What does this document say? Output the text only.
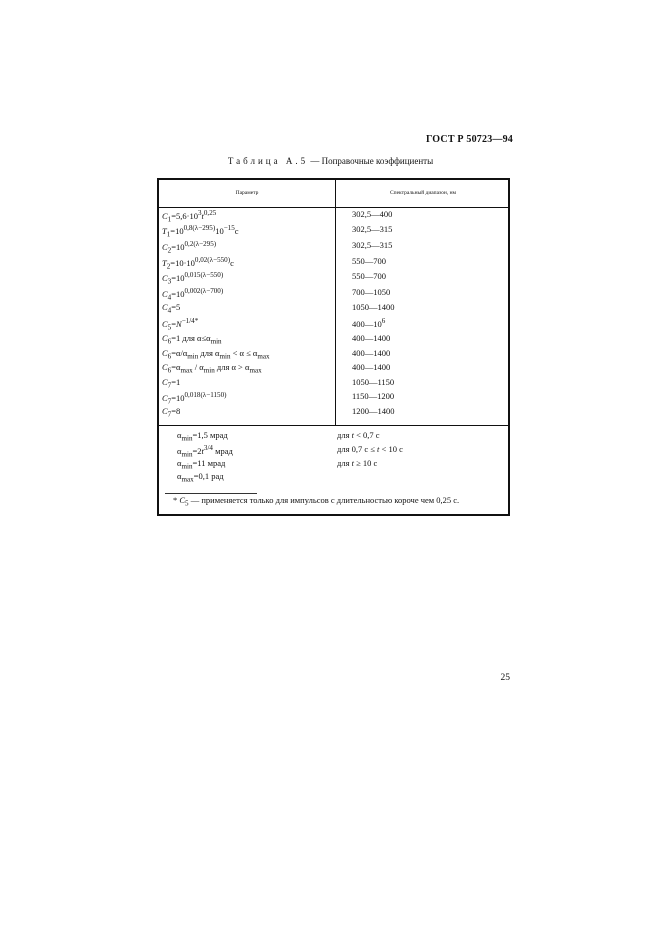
ГОСТ Р 50723—94
Таблица А.5 — Поправочные коэффициенты
Параметр	Спектральный диапазон, нм
$C_1=5,6\cdot 10^3t^{0,25}$	302,5—400
$T_1=10^{0,8(\lambda-295)}10^{-15}с$	302,5—315
$C_2=10^{0,2(\lambda-295)}$	302,5—315
$T_2=10\cdot 10^{0,02(\lambda-550)}с$	550—700
$C_3=10^{0,015(\lambda-550)}$	550—700
$C_4=10^{0,002(\lambda-700)}$	700—1050
$C_4=5$	1050—1400
$C_5=N^{-1/4*}$	$400—10^6$
$C_6=1$ для $\alpha\le\alpha_{min}$	400—1400
$C_6=\alpha/\alpha_{min}$ для $\alpha_{min} < \alpha \le \alpha_{max}$	400—1400
$C_6=\alpha_{max} / \alpha_{min}$ для $\alpha > \alpha_{max}$	400—1400
$C_7=1$	1050—1150
$C_7=10^{0,018(\lambda-1150)}$	1150—1200
$C_7=8$	1200—1400
$\alpha_{min}=1,5$ мрад	для t < 0,7 с
$\alpha_{min}=2t^{3/4}$ мрад	для 0,7 с ≤ t < 10 с
$\alpha_{min}=11$ мрад	для t ≥ 10 с
$\alpha_{max}=0,1$ рад
* $C_5$ — применяется только для импульсов с длительностью короче чем 0,25 с.
25
